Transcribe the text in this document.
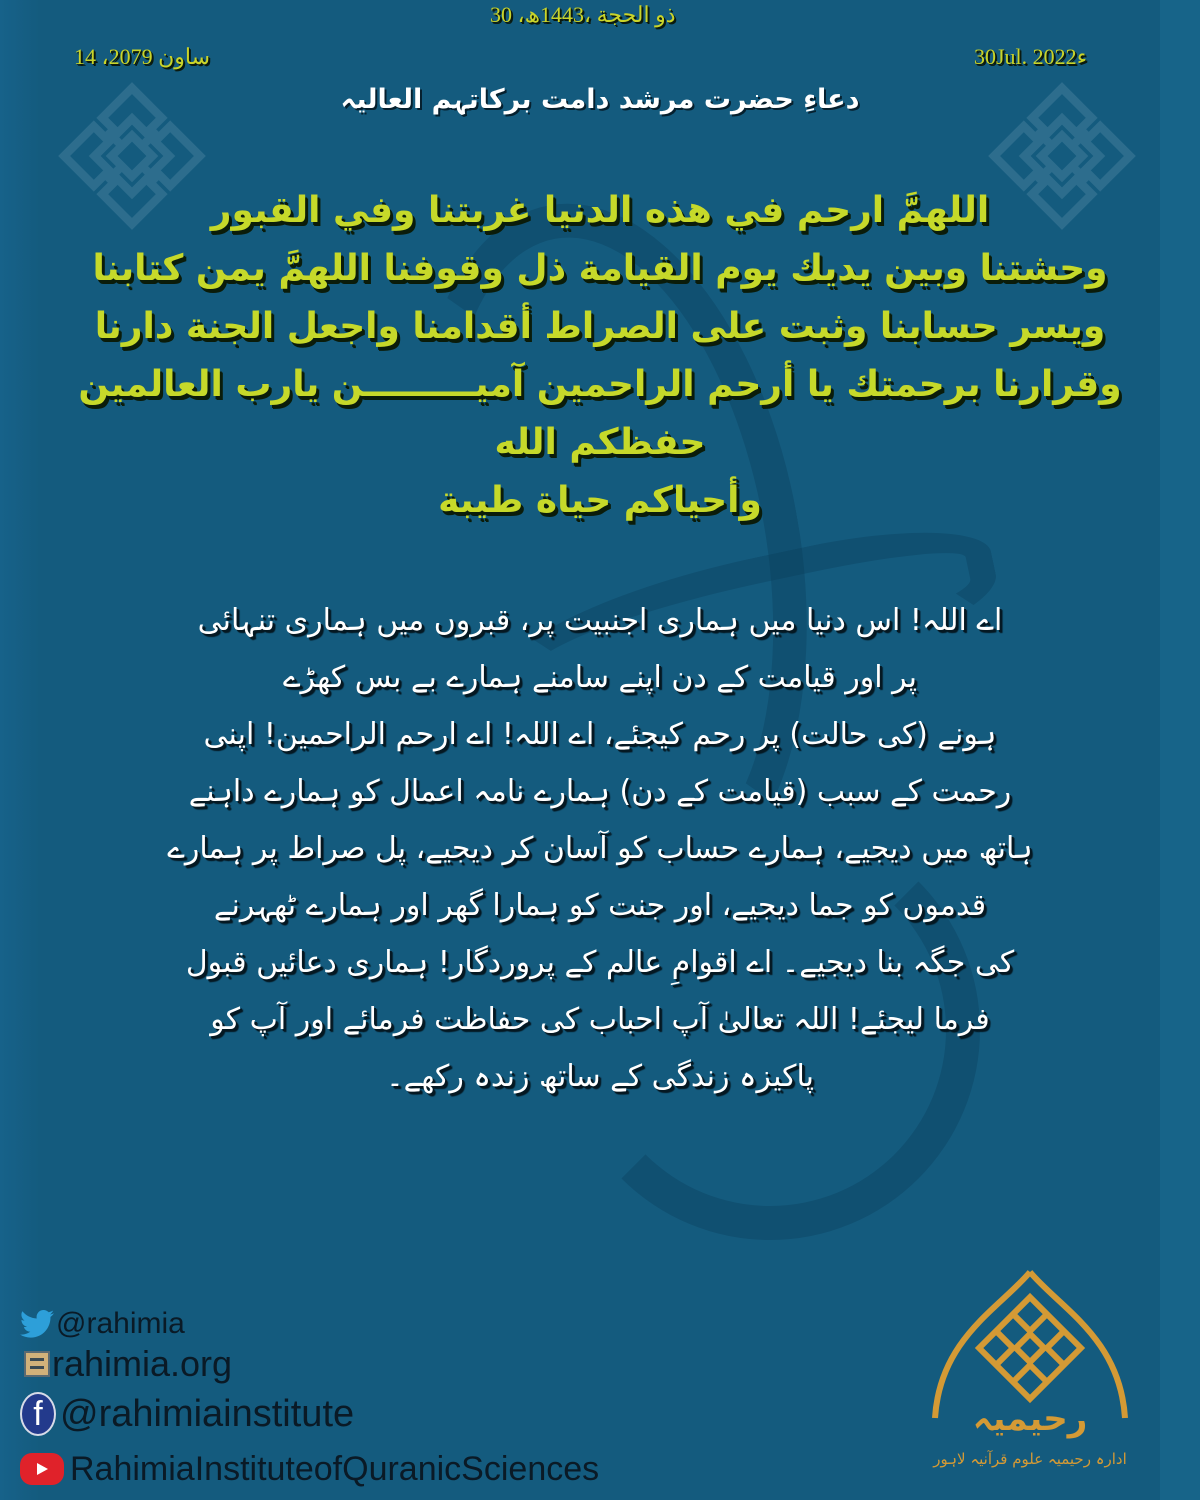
14 ،ساون 2079
30 ،ذو الحجة ،1443ھ
30Jul. 2022ء
دعاءِ حضرت مرشد دامت برکاتہم العالیہ
اللهمَّ ارحم في هذه الدنيا غربتنا وفي القبور
وحشتنا وبين يديك يوم القيامة ذل وقوفنا اللهمَّ يمن كتابنا
ويسر حسابنا وثبت على الصراط أقدامنا واجعل الجنة دارنا
وقرارنا برحمتك يا أرحم الراحمين آميـــــــــن يارب العالمين حفظكم الله
وأحياكم حياة طيبة
اے اللہ! اس دنیا میں ہماری اجنبیت پر، قبروں میں ہماری تنہائی
پر اور قیامت کے دن اپنے سامنے ہمارے بے بس کھڑے
ہونے (کی حالت) پر رحم کیجئے، اے اللہ! اے ارحم الراحمین! اپنی
رحمت کے سبب (قیامت کے دن) ہمارے نامہ اعمال کو ہمارے داہنے
ہاتھ میں دیجیے، ہمارے حساب کو آسان کر دیجیے، پل صراط پر ہمارے
قدموں کو جما دیجیے، اور جنت کو ہمارا گھر اور ہمارے ٹھہرنے
کی جگہ بنا دیجیے۔ اے اقوامِ عالم کے پروردگار! ہماری دعائیں قبول
فرما لیجئے! اللہ تعالیٰ آپ احباب کی حفاظت فرمائے اور آپ کو
پاکیزہ زندگی کے ساتھ زندہ رکھے۔
@rahimia
rahimia.org
f @rahimiainstitute
RahimiaInstituteofQuranicSciences
رحیمیہ
ادارہ رحیمیہ علوم قرآنیہ لاہور
